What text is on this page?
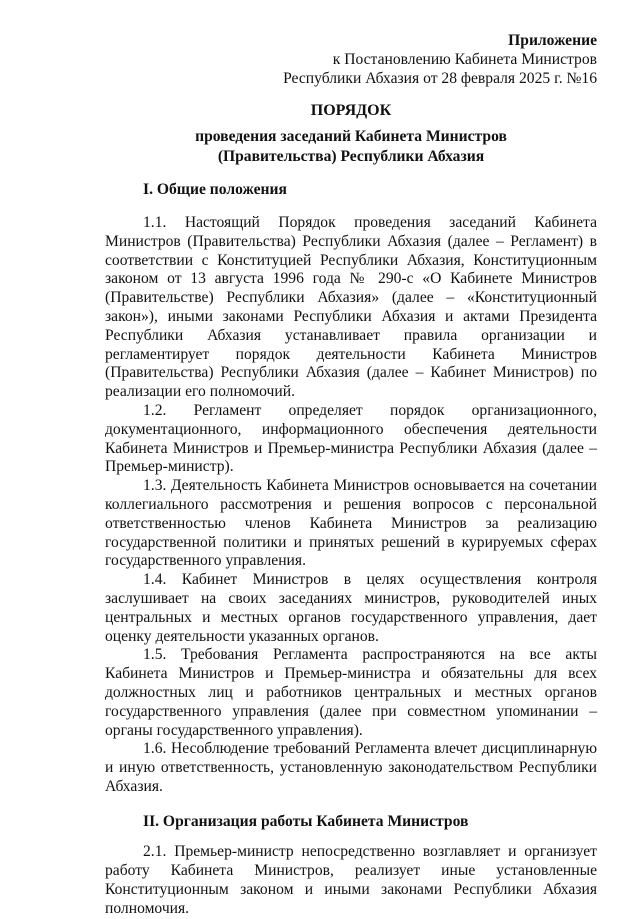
Приложение
к Постановлению Кабинета Министров
Республики Абхазия от 28 февраля 2025 г. №16
ПОРЯДОК
проведения заседаний Кабинета Министров
(Правительства) Республики Абхазия
I. Общие положения

1.1. Настоящий Порядок проведения заседаний Кабинета Министров (Правительства) Республики Абхазия (далее – Регламент) в соответствии с Конституцией Республики Абхазия, Конституционным законом от 13 августа 1996 года № 290-с «О Кабинете Министров (Правительстве) Республики Абхазия» (далее – «Конституционный закон»), иными законами Республики Абхазия и актами Президента Республики Абхазия устанавливает правила организации и регламентирует порядок деятельности Кабинета Министров (Правительства) Республики Абхазия (далее – Кабинет Министров) по реализации его полномочий.

1.2. Регламент определяет порядок организационного, документационного, информационного обеспечения деятельности Кабинета Министров и Премьер-министра Республики Абхазия (далее – Премьер-министр).

1.3. Деятельность Кабинета Министров основывается на сочетании коллегиального рассмотрения и решения вопросов с персональной ответственностью членов Кабинета Министров за реализацию государственной политики и принятых решений в курируемых сферах государственного управления.

1.4. Кабинет Министров в целях осуществления контроля заслушивает на своих заседаниях министров, руководителей иных центральных и местных органов государственного управления, дает оценку деятельности указанных органов.

1.5. Требования Регламента распространяются на все акты Кабинета Министров и Премьер-министра и обязательны для всех должностных лиц и работников центральных и местных органов государственного управления (далее при совместном упоминании – органы государственного управления).

1.6. Несоблюдение требований Регламента влечет дисциплинарную и иную ответственность, установленную законодательством Республики Абхазия.

II. Организация работы Кабинета Министров

2.1. Премьер-министр непосредственно возглавляет и организует работу Кабинета Министров, реализует иные установленные Конституционным законом и иными законами Республики Абхазия полномочия.
